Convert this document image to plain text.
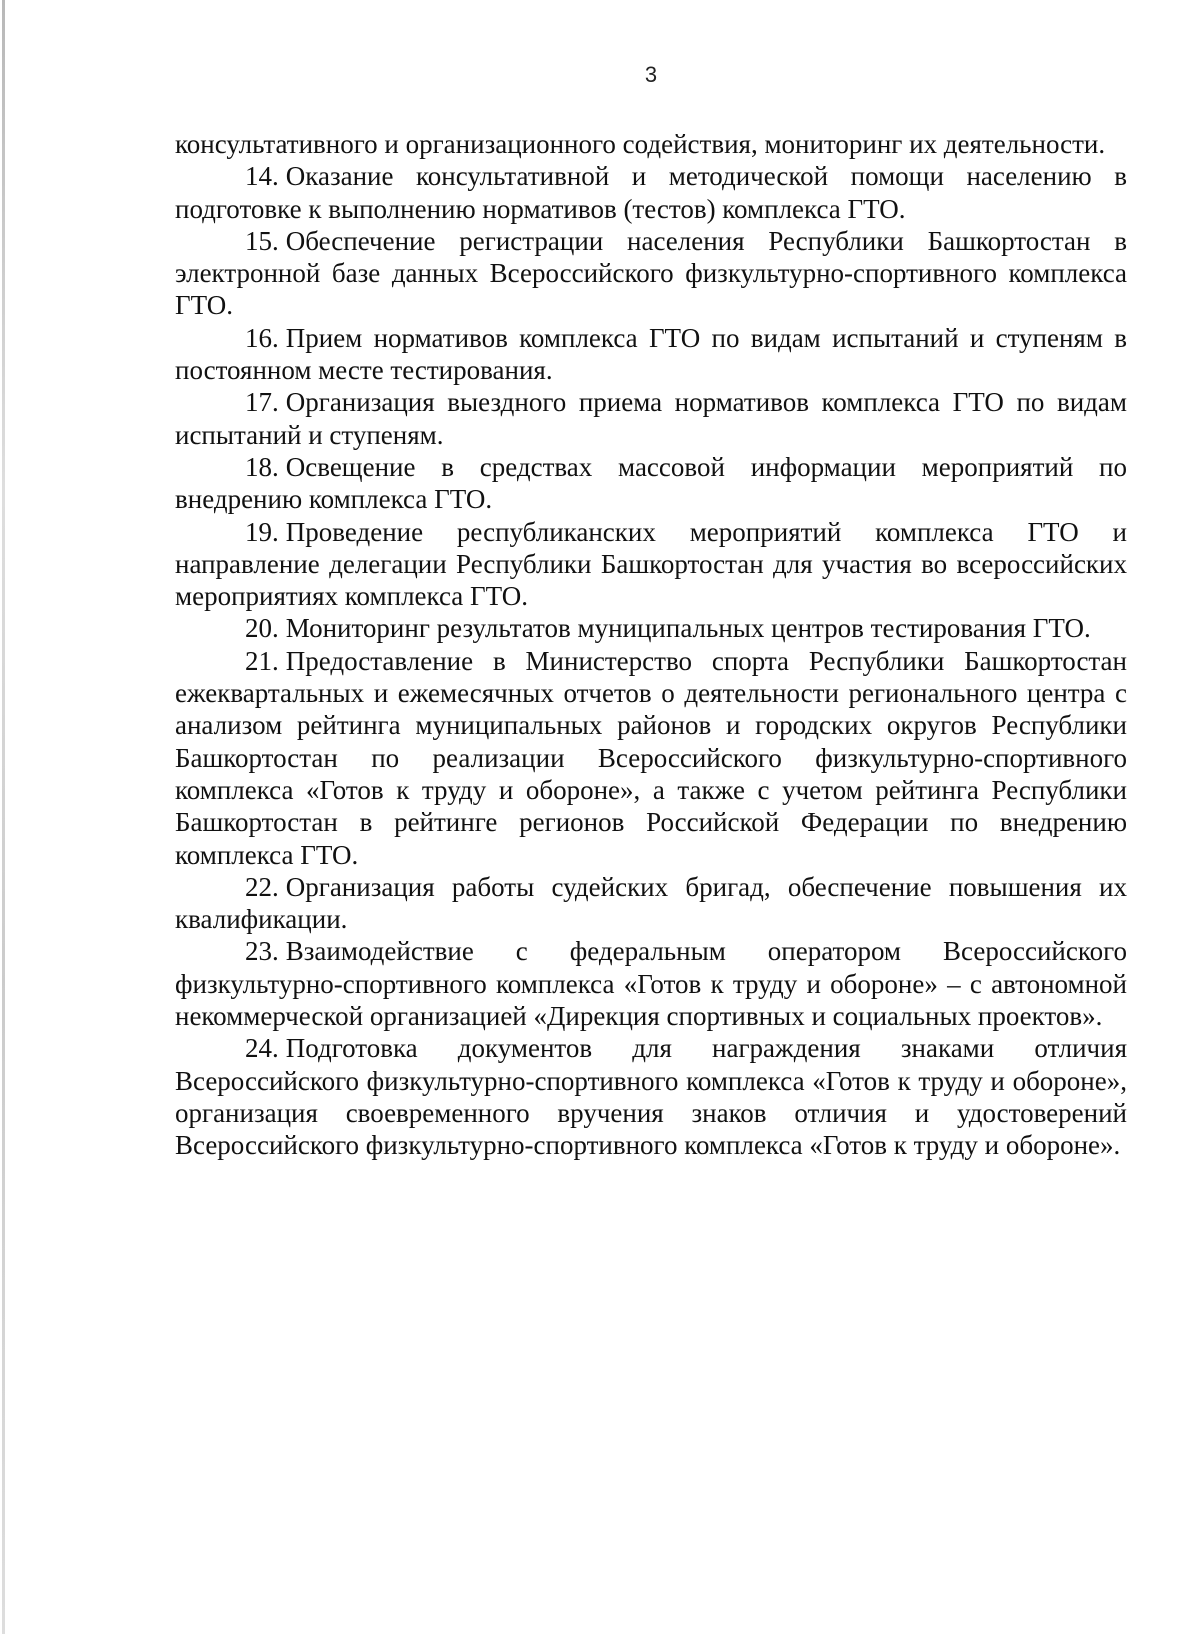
3

консультативного и организационного содействия, мониторинг их деятельности.

14. Оказание консультативной и методической помощи населению в подготовке к выполнению нормативов (тестов) комплекса ГТО.

15. Обеспечение регистрации населения Республики Башкортостан в электронной базе данных Всероссийского физкультурно-спортивного комплекса ГТО.

16. Прием нормативов комплекса ГТО по видам испытаний и ступеням в постоянном месте тестирования.

17. Организация выездного приема нормативов комплекса ГТО по видам испытаний и ступеням.

18. Освещение в средствах массовой информации мероприятий по внедрению комплекса ГТО.

19. Проведение республиканских мероприятий комплекса ГТО и направление делегации Республики Башкортостан для участия во всероссийских мероприятиях комплекса ГТО.

20. Мониторинг результатов муниципальных центров тестирования ГТО.

21. Предоставление в Министерство спорта Республики Башкортостан ежеквартальных и ежемесячных отчетов о деятельности регионального центра с анализом рейтинга муниципальных районов и городских округов Республики Башкортостан по реализации Всероссийского физкультурно-спортивного комплекса «Готов к труду и обороне», а также с учетом рейтинга Республики Башкортостан в рейтинге регионов Российской Федерации по внедрению комплекса ГТО.

22. Организация работы судейских бригад, обеспечение повышения их квалификации.

23. Взаимодействие с федеральным оператором Всероссийского физкультурно-спортивного комплекса «Готов к труду и обороне» – с автономной некоммерческой организацией «Дирекция спортивных и социальных проектов».

24. Подготовка документов для награждения знаками отличия Всероссийского физкультурно-спортивного комплекса «Готов к труду и обороне», организация своевременного вручения знаков отличия и удостоверений Всероссийского физкультурно-спортивного комплекса «Готов к труду и обороне».
